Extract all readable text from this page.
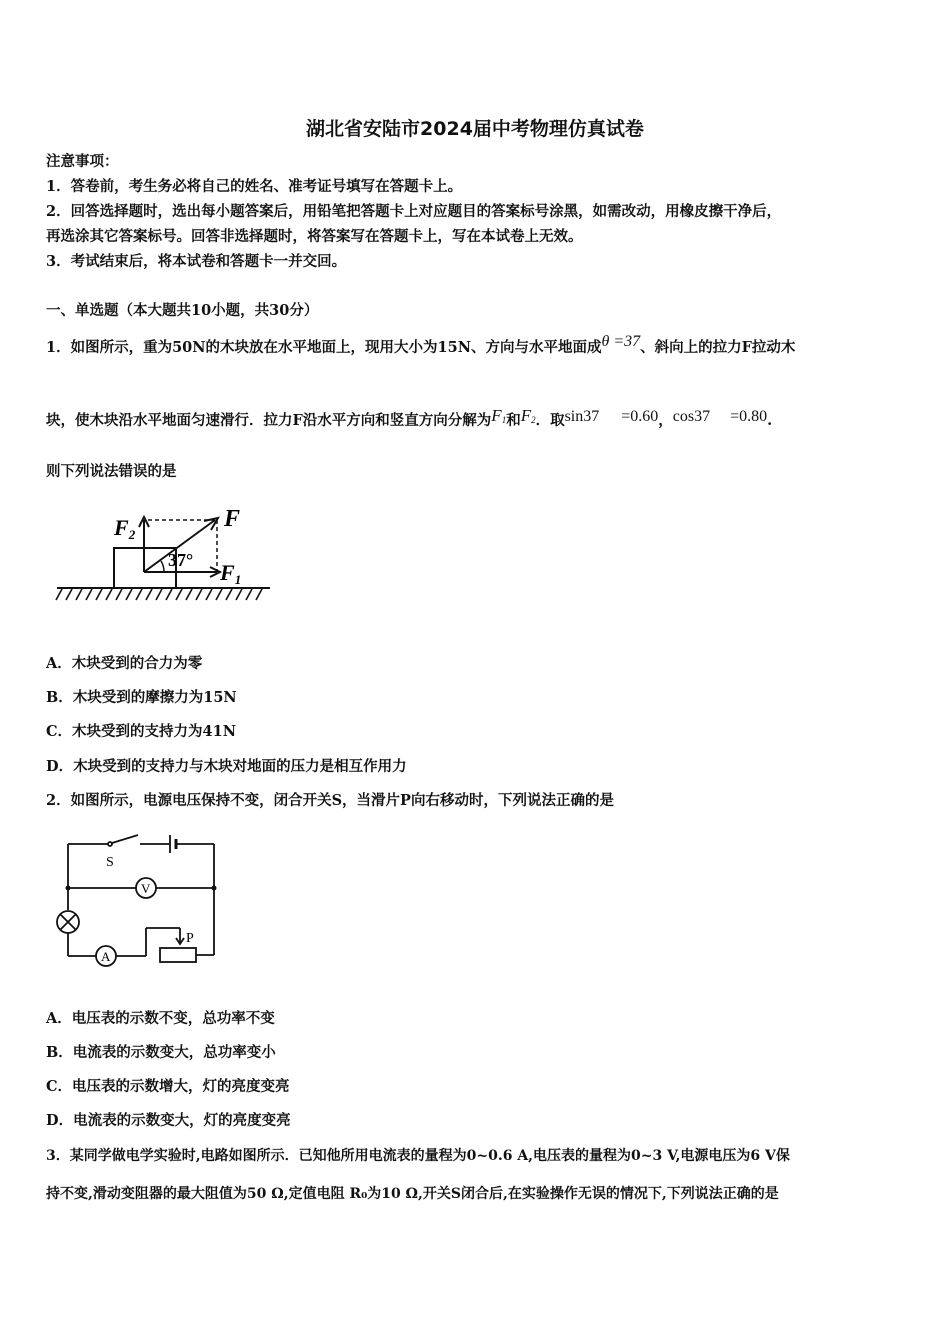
湖北省安陆市2024届中考物理仿真试卷
注意事项：
1．答卷前，考生务必将自己的姓名、准考证号填写在答题卡上。
2．回答选择题时，选出每小题答案后，用铅笔把答题卡上对应题目的答案标号涂黑，如需改动，用橡皮擦干净后，
再选涂其它答案标号。回答非选择题时，将答案写在答题卡上，写在本试卷上无效。
3．考试结束后，将本试卷和答题卡一并交回。
一、单选题（本大题共10小题，共30分）
1．如图所示，重为50N的木块放在水平地面上，现用大小为15N、方向与水平地面成θ =37、斜向上的拉力F拉动木
块，使木块沿水平地面匀速滑行．拉力F沿水平方向和竖直方向分解为F1和F2．取sin37 =0.60，cos37 =0.80.
则下列说法错误的是
F2
F
37° F1
A．木块受到的合力为零
B．木块受到的摩擦力为15N
C．木块受到的支持力为41N
D．木块受到的支持力与木块对地面的压力是相互作用力
2．如图所示，电源电压保持不变，闭合开关S，当滑片P向右移动时，下列说法正确的是
S
V
A
P
A．电压表的示数不变，总功率不变
B．电流表的示数变大，总功率变小
C．电压表的示数增大，灯的亮度变亮
D．电流表的示数变大，灯的亮度变亮
3．某同学做电学实验时,电路如图所示．已知他所用电流表的量程为0~0.6 A,电压表的量程为0~3 V,电源电压为6 V保
持不变,滑动变阻器的最大阻值为50 Ω,定值电阻 R₀为10 Ω,开关S闭合后,在实验操作无误的情况下,下列说法正确的是
